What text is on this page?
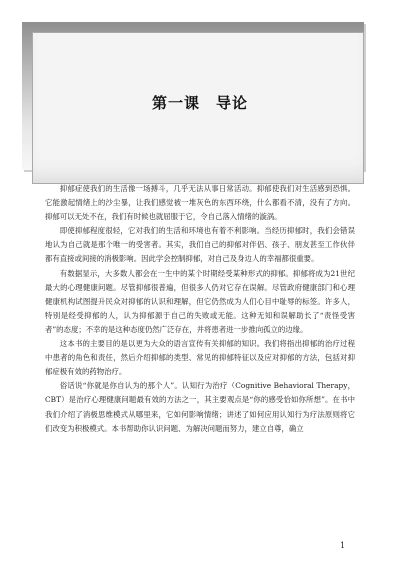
第一课　导论

抑郁症使我们的生活像一场搏斗，几乎无法从事日常活动。抑郁使我们对生活感到恐惧。它能激起情绪上的沙尘暴，让我们感觉被一堆灰色的东西环绕，什么都看不清，没有了方向。抑郁可以无处不在，我们有时候也就屈服于它，令自己落入情绪的漩涡。

即使抑郁程度很轻，它对我们的生活和环境也有着不利影响。当经历抑郁时，我们会错误地认为自己就是那个唯一的受害者。其实，我们自己的抑郁对伴侣、孩子、朋友甚至工作伙伴都有直接或间接的消极影响。因此学会控制抑郁，对自己及身边人的幸福都很重要。

有数据显示，大多数人都会在一生中的某个时期经受某种形式的抑郁。抑郁将成为21世纪最大的心理健康问题。尽管抑郁很普遍，但很多人仍对它存在误解。尽管政府健康部门和心理健康机构试图提升民众对抑郁的认识和理解，但它仍然成为人们心目中耻辱的标签。许多人，特别是经受抑郁的人，认为抑郁源于自己的失败或无能。这种无知和误解助长了“责怪受害者”的态度；不幸的是这种态度仍然广泛存在，并将患者进一步推向孤立的边缘。

这本书的主要目的是以更为大众的语言宣传有关抑郁的知识。我们将指出抑郁的治疗过程中患者的角色和责任，然后介绍抑郁的类型、常见的抑郁特征以及应对抑郁的方法，包括对抑郁症极有效的药物治疗。

俗话说“你就是你自认为的那个人”。认知行为治疗（Cognitive Behavioral Therapy，CBT）是治疗心理健康问题最有效的方法之一，其主要观点是“你的感受恰如你所想”。在书中我们介绍了消极思维模式从哪里来，它如何影响情绪；讲述了如何应用认知行为疗法原则将它们改变为积极模式。本书帮助你认识问题、为解决问题而努力，建立自尊，确立

1
